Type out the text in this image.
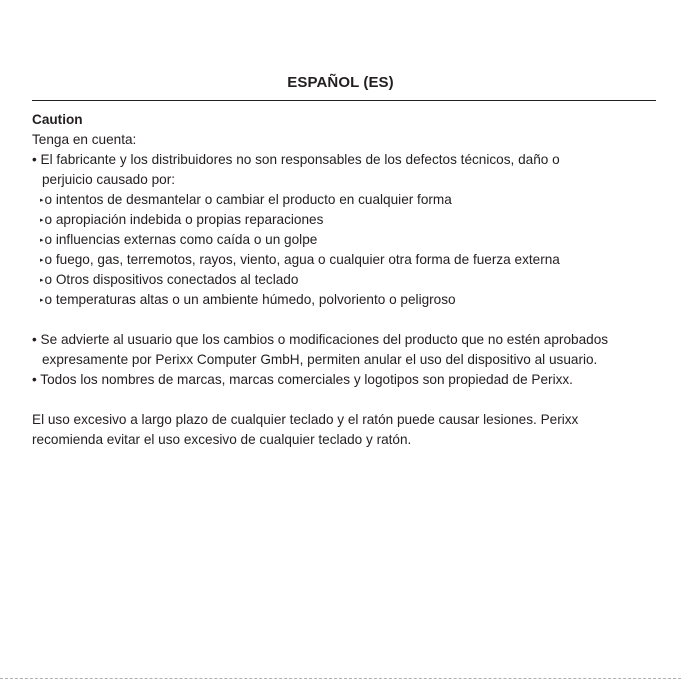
ESPAÑOL (ES)
Caution
Tenga en cuenta:
• El fabricante y los distribuidores no son responsables de los defectos técnicos, daño o
perjuicio causado por:
▸o intentos de desmantelar o cambiar el producto en cualquier forma
▸o apropiación indebida o propias reparaciones
▸o influencias externas como caída o un golpe
▸o fuego, gas, terremotos, rayos, viento, agua o cualquier otra forma de fuerza externa
▸o Otros dispositivos conectados al teclado
▸o temperaturas altas o un ambiente húmedo, polvoriento o peligroso
• Se advierte al usuario que los cambios o modificaciones del producto que no estén aprobados
expresamente por Perixx Computer GmbH, permiten anular el uso del dispositivo al usuario.
• Todos los nombres de marcas, marcas comerciales y logotipos son propiedad de Perixx.
El uso excesivo a largo plazo de cualquier teclado y el ratón puede causar lesiones. Perixx
recomienda evitar el uso excesivo de cualquier teclado y ratón.
